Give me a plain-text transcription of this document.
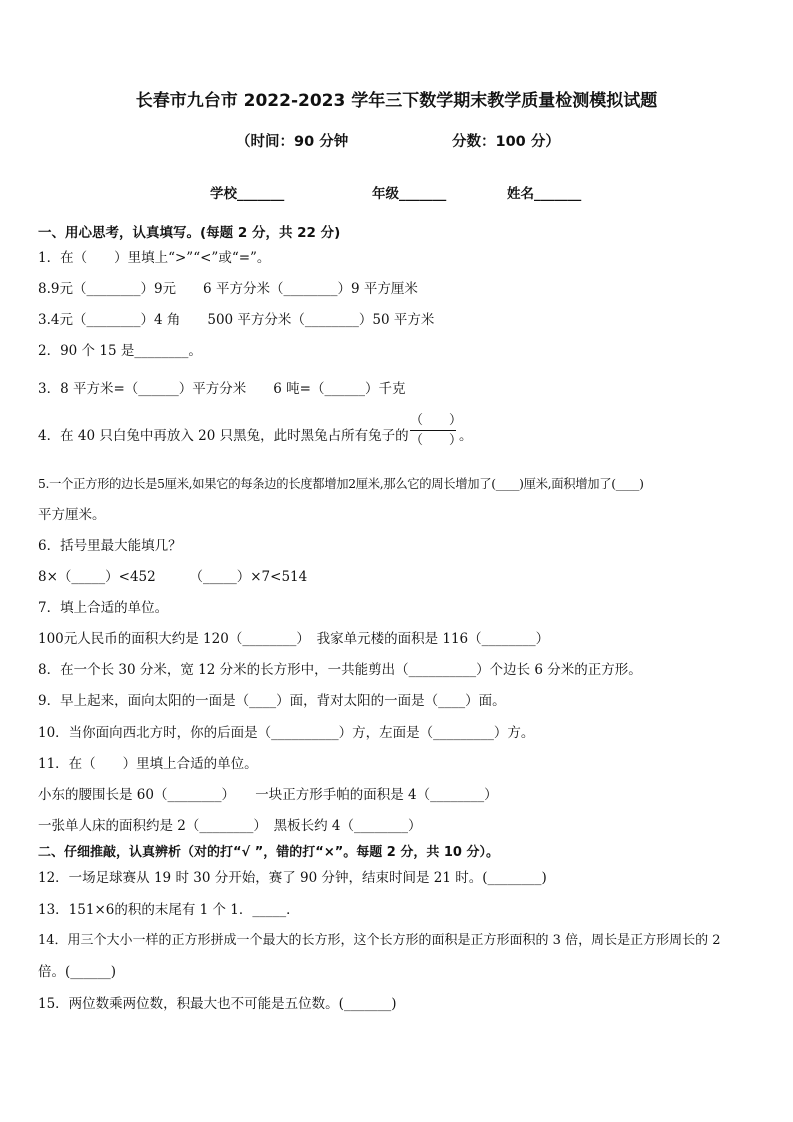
长春市九台市 2022-2023 学年三下数学期末教学质量检测模拟试题
（时间：90 分钟	分数：100 分）
学校_______	年级_______	姓名_______
一、用心思考，认真填写。(每题 2 分，共 22 分)
1．在（　　）里填上“>”“<”或“=”。
8.9元（________）9元　　6 平方分米（________）9 平方厘米
3.4元（________）4 角　　500 平方分米（________）50 平方米
2．90 个 15 是________。
3．8 平方米=（______）平方分米　　6 吨=（______）千克
4．在 40 只白兔中再放入 20 只黑兔，此时黑兔占所有兔子的
（　　）
（　　）
。
5.一个正方形的边长是5厘米,如果它的每条边的长度都增加2厘米,那么它的周长增加了(____)厘米,面积增加了(____)
平方厘米。
6．括号里最大能填几？
8×（_____）<452　　　（_____）×7<514
7．填上合适的单位。
100元人民币的面积大约是 120（________）　我家单元楼的面积是 116（________）
8．在一个长 30 分米，宽 12 分米的长方形中，一共能剪出（__________）个边长 6 分米的正方形。
9．早上起来，面向太阳的一面是（____）面，背对太阳的一面是（____）面。
10．当你面向西北方时，你的后面是（__________）方，左面是（_________）方。
11．在（　　）里填上合适的单位。
小东的腰围长是 60（________）　　一块正方形手帕的面积是 4（________）
一张单人床的面积约是 2（________）　黑板长约 4（________）
二、仔细推敲，认真辨析（对的打“√ ”，错的打“×”。每题 2 分，共 10 分）。
12．一场足球赛从 19 时 30 分开始，赛了 90 分钟，结束时间是 21 时。(________)
13．151×6的积的末尾有 1 个 1．_____．
14．用三个大小一样的正方形拼成一个最大的长方形，这个长方形的面积是正方形面积的 3 倍，周长是正方形周长的 2
倍。(______)
15．两位数乘两位数，积最大也不可能是五位数。(_______)
